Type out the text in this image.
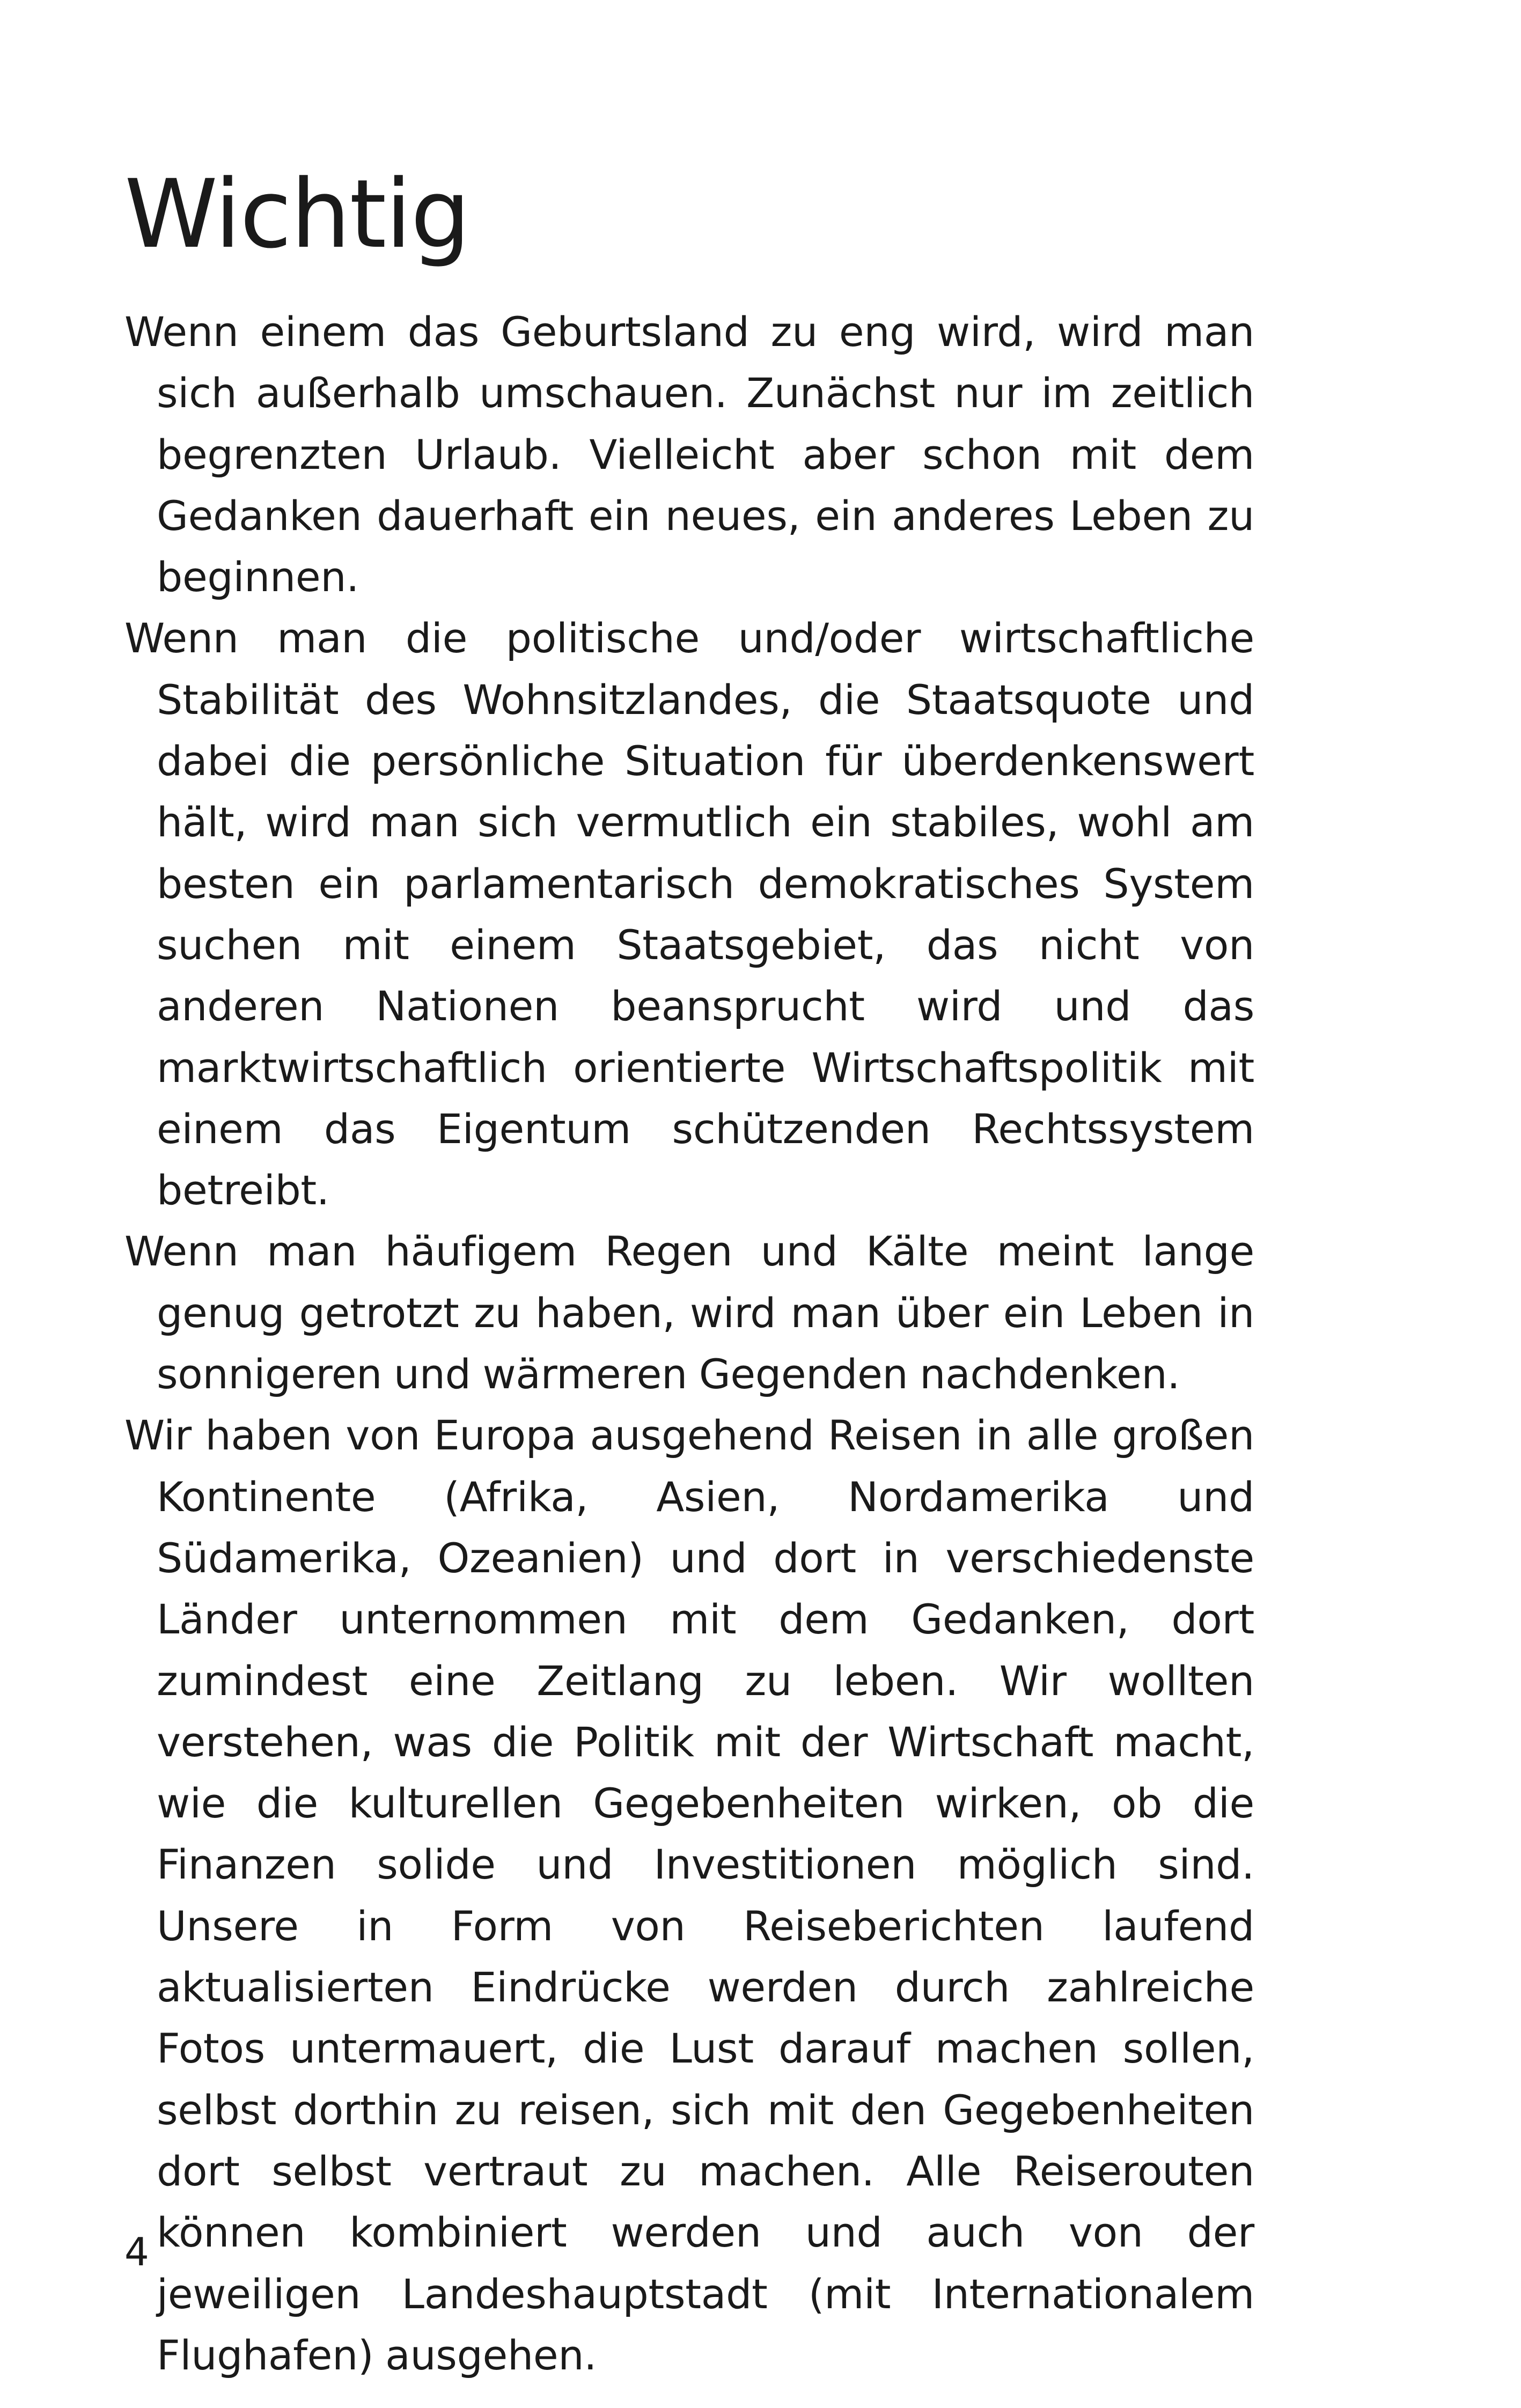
Wichtig

Wenn einem das Geburtsland zu eng wird, wird man sich außerhalb umschauen. Zunächst nur im zeitlich begrenzten Urlaub. Vielleicht aber schon mit dem Gedanken dauerhaft ein neues, ein anderes Leben zu beginnen.

Wenn man die politische und/oder wirtschaftliche Stabilität des Wohnsitzlandes, die Staatsquote und dabei die persönliche Situation für überdenkenswert hält, wird man sich vermutlich ein stabiles, wohl am besten ein parlamentarisch demokratisches System suchen mit einem Staatsgebiet, das nicht von anderen Nationen beansprucht wird und das marktwirtschaftlich orientierte Wirtschaftspolitik mit einem das Eigentum schützenden Rechtssystem betreibt.

Wenn man häufigem Regen und Kälte meint lange genug getrotzt zu haben, wird man über ein Leben in sonnigeren und wärmeren Gegenden nachdenken.

Wir haben von Europa ausgehend Reisen in alle großen Kontinente (Afrika, Asien, Nordamerika und Südamerika, Ozeanien) und dort in verschiedenste Länder unternommen mit dem Gedanken, dort zumindest eine Zeitlang zu leben. Wir wollten verstehen, was die Politik mit der Wirtschaft macht, wie die kulturellen Gegebenheiten wirken, ob die Finanzen solide und Investitionen möglich sind. Unsere in Form von Reiseberichten laufend aktualisierten Eindrücke werden durch zahlreiche Fotos untermauert, die Lust darauf machen sollen, selbst dorthin zu reisen, sich mit den Gegebenheiten dort selbst vertraut zu machen. Alle Reiserouten können kombiniert werden und auch von der jeweiligen Landeshauptstadt (mit Internationalem Flughafen) ausgehen.

4
